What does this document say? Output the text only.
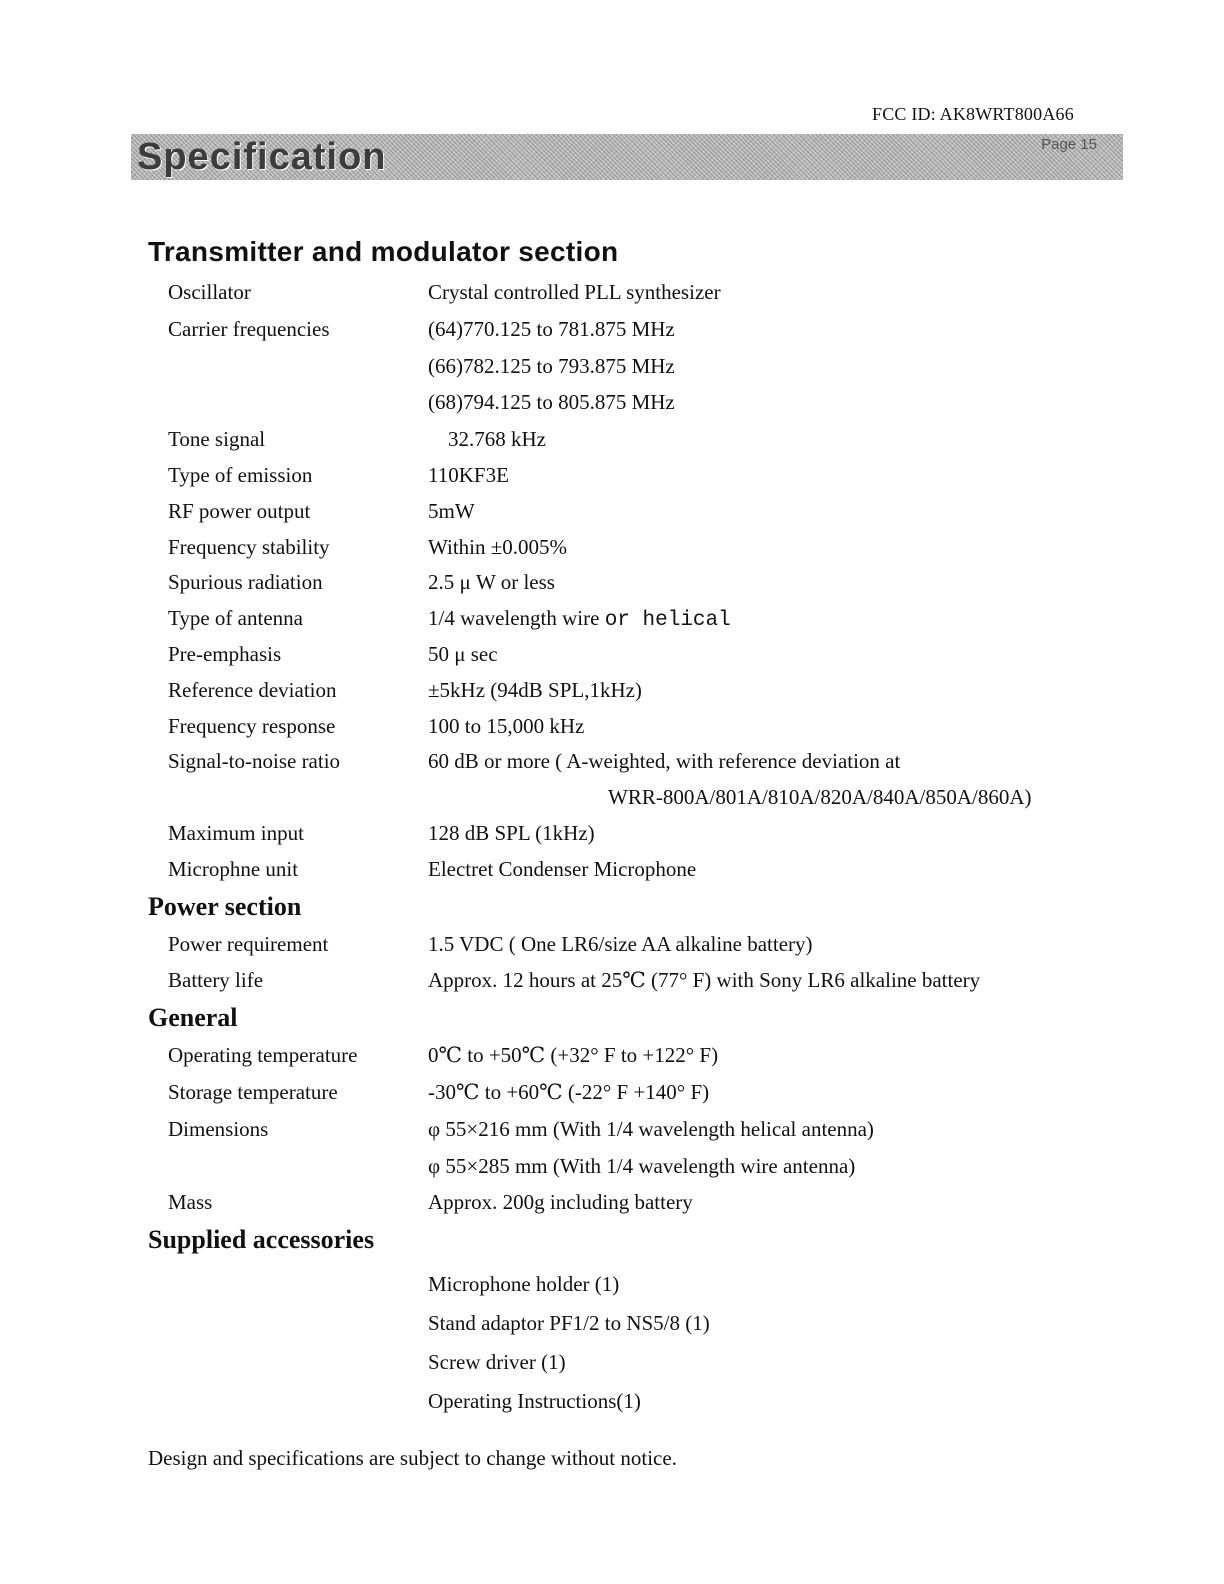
FCC ID: AK8WRT800A66
Specification	Page 15
Transmitter and modulator section
Oscillator	Crystal controlled PLL synthesizer
Carrier frequencies	(64)770.125 to 781.875 MHz
(66)782.125 to 793.875 MHz
(68)794.125 to 805.875 MHz
Tone signal	32.768 kHz
Type of emission	110KF3E
RF power output	5mW
Frequency stability	Within ±0.005%
Spurious radiation	2.5 μ W or less
Type of antenna	1/4 wavelength wire or helical
Pre-emphasis	50 μ sec
Reference deviation	±5kHz (94dB SPL,1kHz)
Frequency response	100 to 15,000 kHz
Signal-to-noise ratio	60 dB or more ( A-weighted, with reference deviation at
WRR-800A/801A/810A/820A/840A/850A/860A)
Maximum input	128 dB SPL (1kHz)
Microphne unit	Electret Condenser Microphone
Power section
Power requirement	1.5 VDC ( One LR6/size AA alkaline battery)
Battery life	Approx. 12 hours at 25℃ (77° F) with Sony LR6 alkaline battery
General
Operating temperature	0℃ to +50℃ (+32° F to +122° F)
Storage temperature	-30℃ to +60℃ (-22° F +140° F)
Dimensions	φ 55×216 mm (With 1/4 wavelength helical antenna)
φ 55×285 mm (With 1/4 wavelength wire antenna)
Mass	Approx. 200g including battery
Supplied accessories
Microphone holder (1)
Stand adaptor PF1/2 to NS5/8 (1)
Screw driver (1)
Operating Instructions(1)
Design and specifications are subject to change without notice.
